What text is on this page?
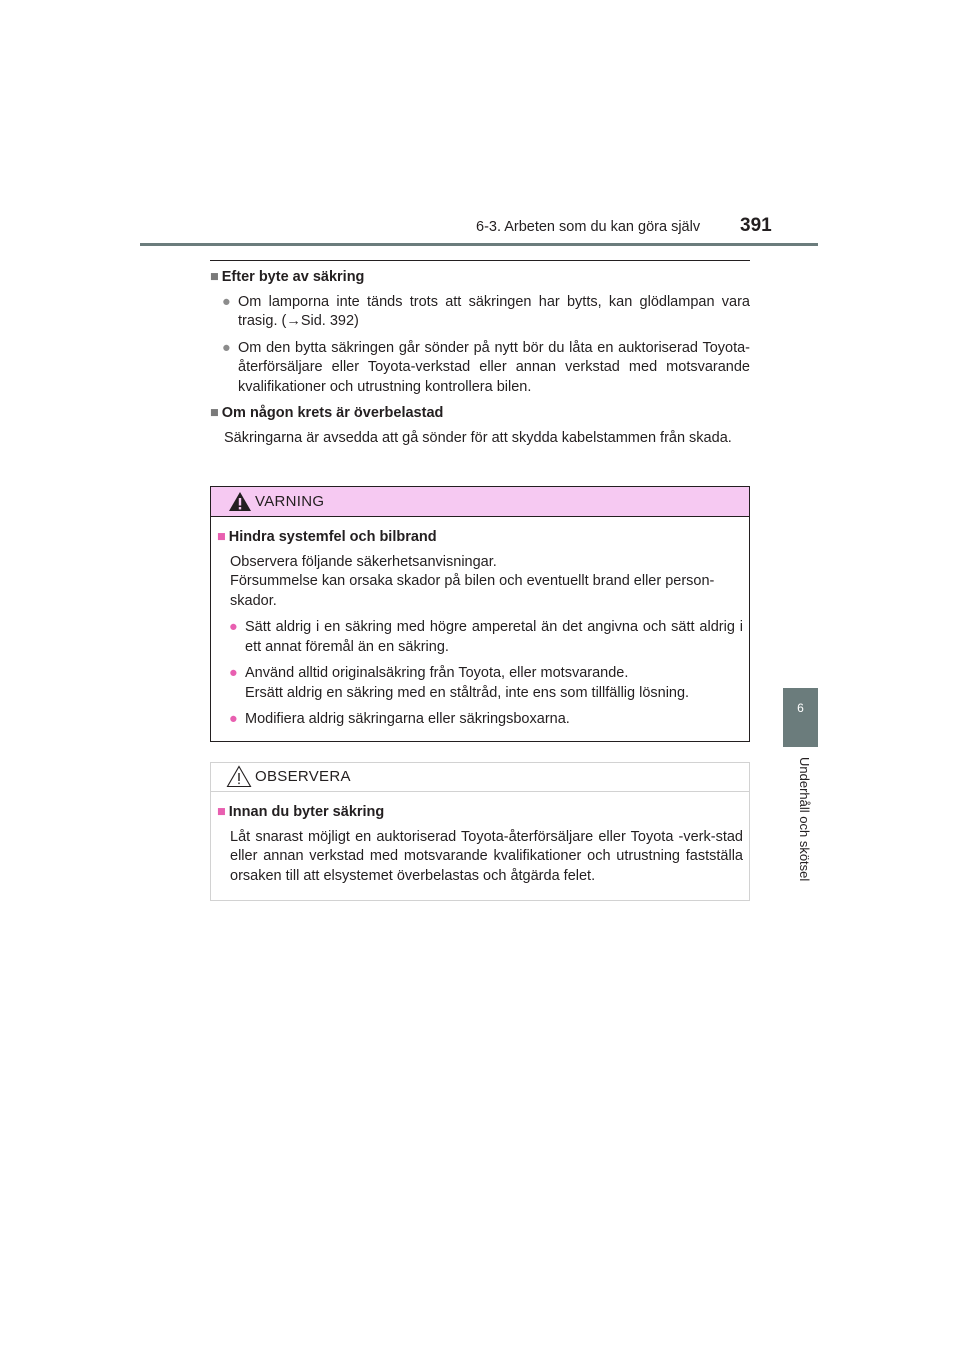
6-3. Arbeten som du kan göra själv 391
6
Underhåll och skötsel
■ Efter byte av säkring
● Om lamporna inte tänds trots att säkringen har bytts, kan glödlampan vara trasig. (→Sid. 392)
● Om den bytta säkringen går sönder på nytt bör du låta en auktoriserad Toyota-återförsäljare eller Toyota-verkstad eller annan verkstad med motsvarande kvalifikationer och utrustning kontrollera bilen.
■ Om någon krets är överbelastad
Säkringarna är avsedda att gå sönder för att skydda kabelstammen från skada.
VARNING
■ Hindra systemfel och bilbrand
Observera följande säkerhetsanvisningar.
Försummelse kan orsaka skador på bilen och eventuellt brand eller person-skador.
● Sätt aldrig i en säkring med högre amperetal än det angivna och sätt aldrig i ett annat föremål än en säkring.
● Använd alltid originalsäkring från Toyota, eller motsvarande.
Ersätt aldrig en säkring med en ståltråd, inte ens som tillfällig lösning.
● Modifiera aldrig säkringarna eller säkringsboxarna.
OBSERVERA
■ Innan du byter säkring
Låt snarast möjligt en auktoriserad Toyota-återförsäljare eller Toyota -verk-stad eller annan verkstad med motsvarande kvalifikationer och utrustning fastställa orsaken till att elsystemet överbelastas och åtgärda felet.
